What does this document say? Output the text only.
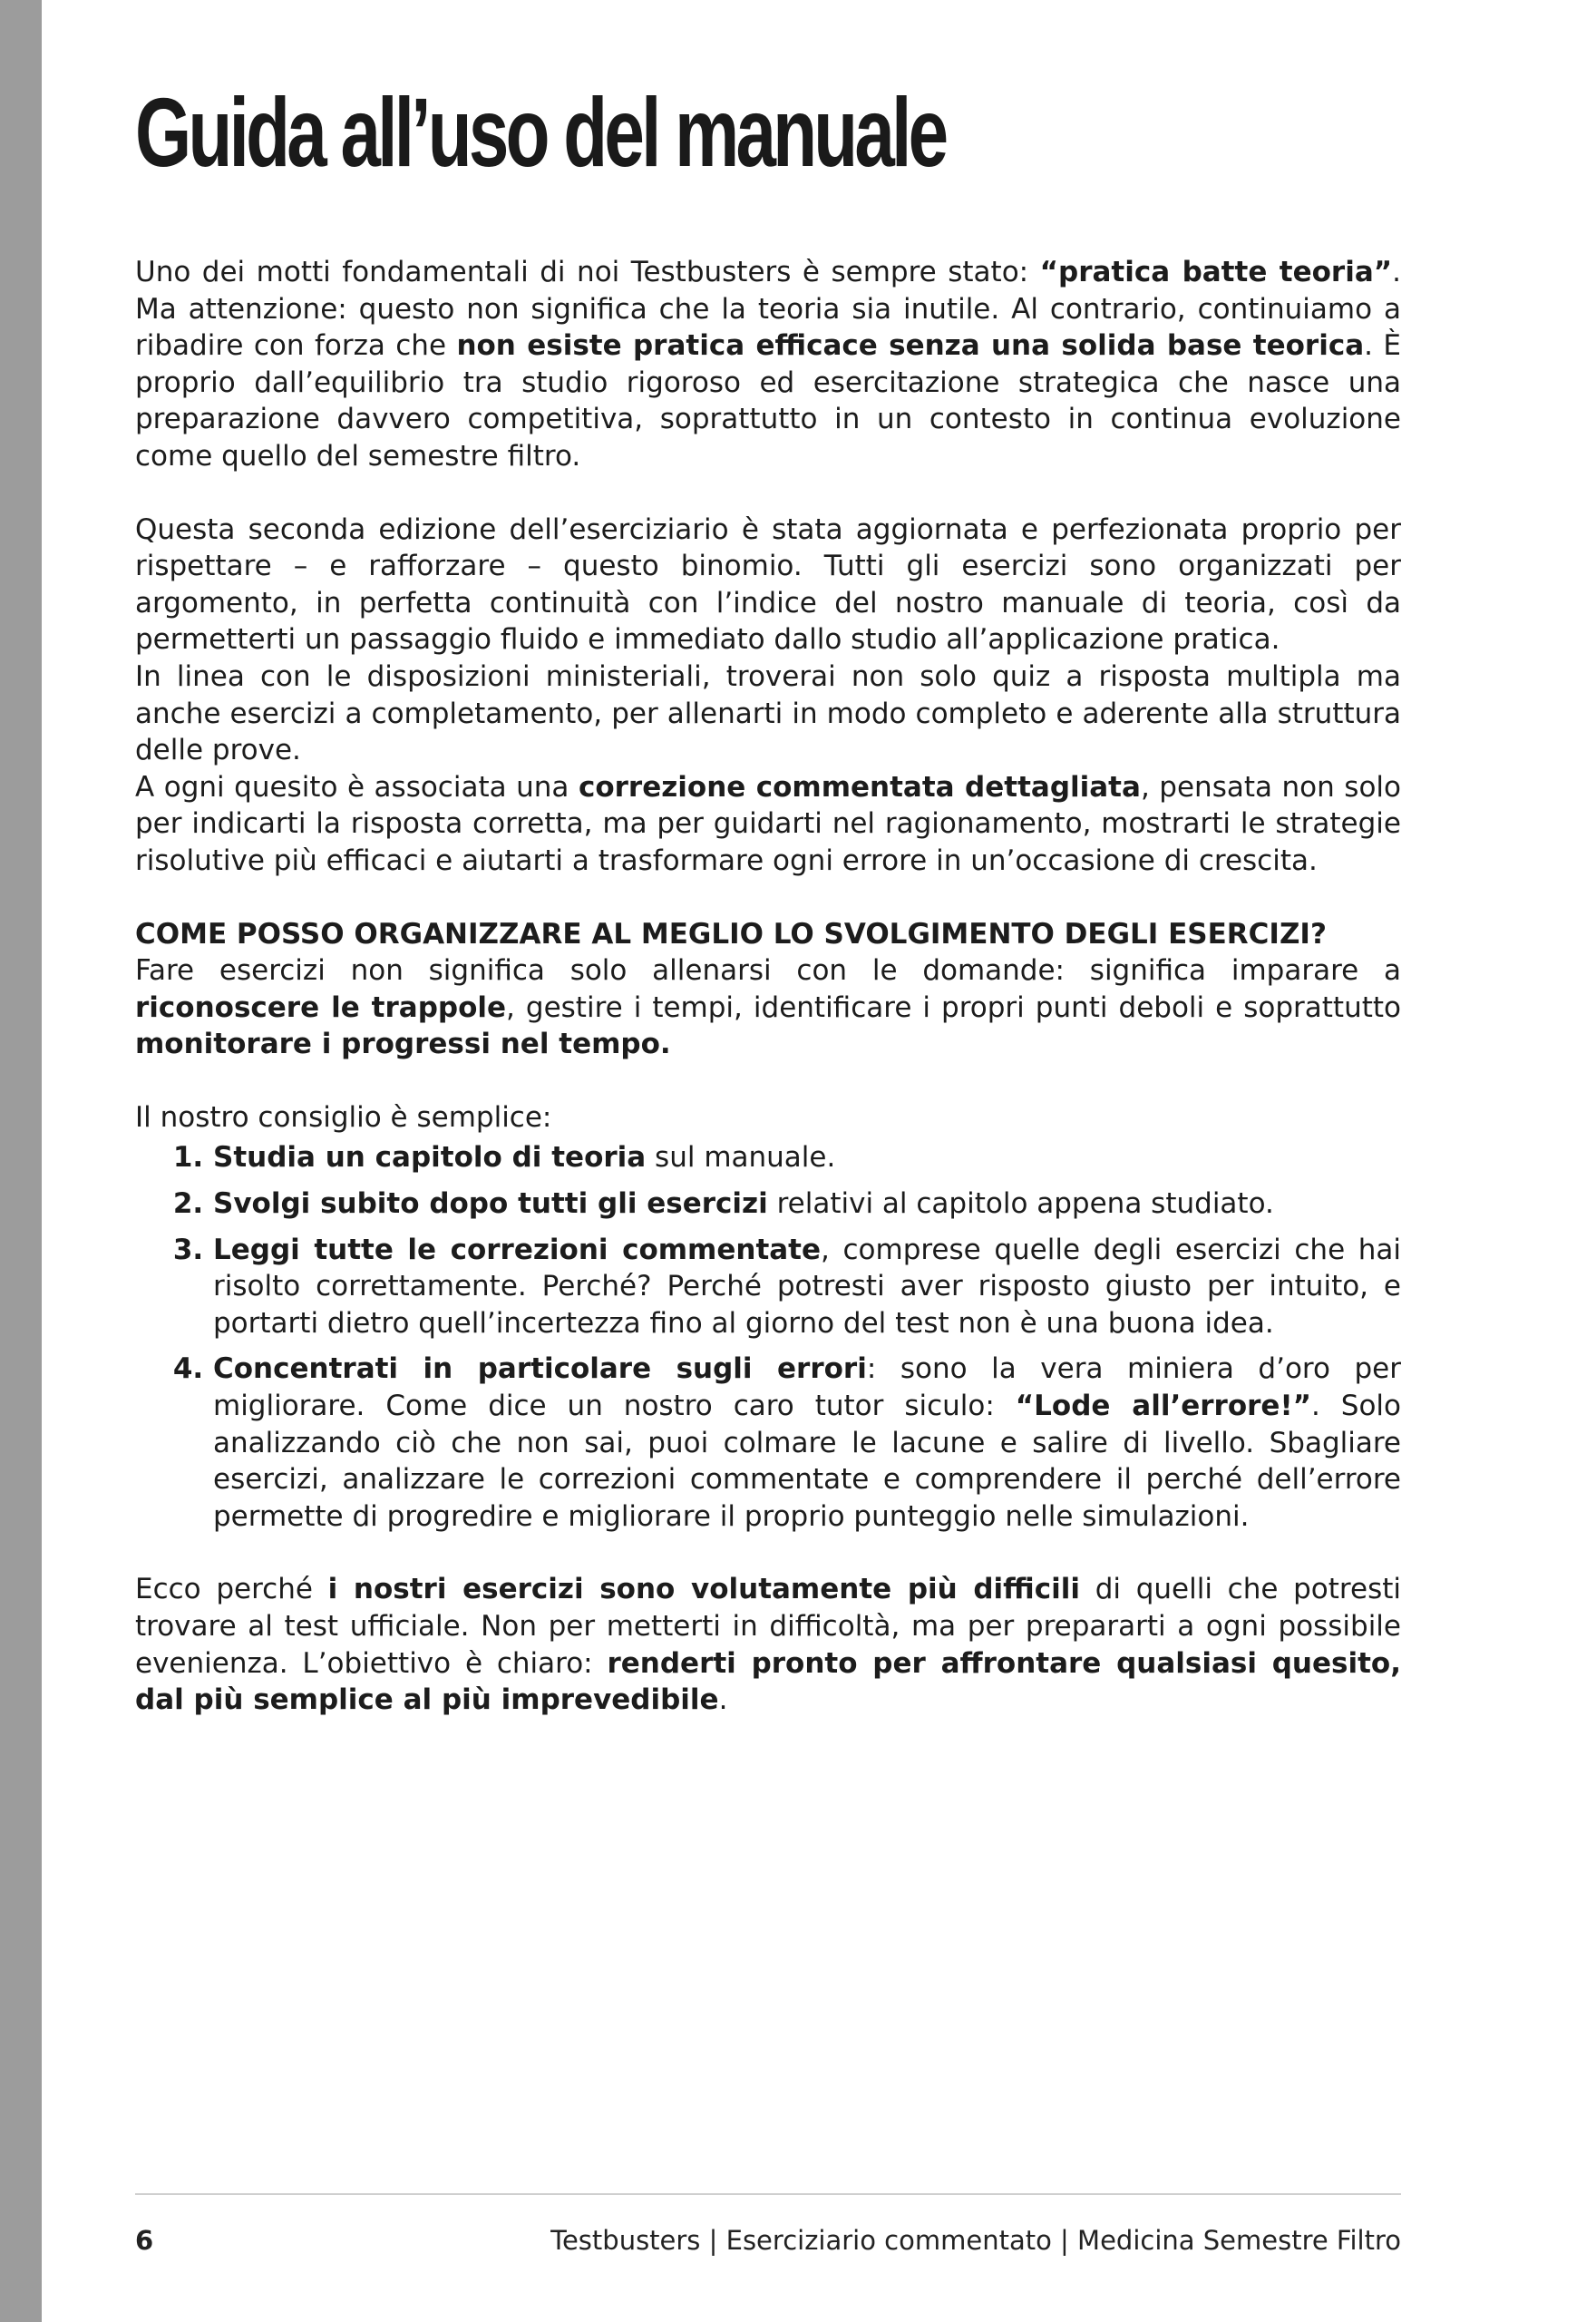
Guida all’uso del manuale

Uno dei motti fondamentali di noi Testbusters è sempre stato: “pratica batte teoria”. Ma attenzione: questo non significa che la teoria sia inutile. Al contrario, continuiamo a ribadire con forza che non esiste pratica efficace senza una solida base teorica. È proprio dall’equilibrio tra studio rigoroso ed esercitazione strategica che nasce una preparazione davvero competitiva, soprattutto in un contesto in continua evoluzione come quello del semestre filtro.

Questa seconda edizione dell’eserciziario è stata aggiornata e perfezionata proprio per rispettare – e rafforzare – questo binomio. Tutti gli esercizi sono organizzati per argomento, in perfetta continuità con l’indice del nostro manuale di teoria, così da permetterti un passaggio fluido e immediato dallo studio all’applicazione pratica.

In linea con le disposizioni ministeriali, troverai non solo quiz a risposta multipla ma anche esercizi a completamento, per allenarti in modo completo e aderente alla struttura delle prove.

A ogni quesito è associata una correzione commentata dettagliata, pensata non solo per indicarti la risposta corretta, ma per guidarti nel ragionamento, mostrarti le strategie risolutive più efficaci e aiutarti a trasformare ogni errore in un’occasione di crescita.

COME POSSO ORGANIZZARE AL MEGLIO LO SVOLGIMENTO DEGLI ESERCIZI?

Fare esercizi non significa solo allenarsi con le domande: significa imparare a riconoscere le trappole, gestire i tempi, identificare i propri punti deboli e soprattutto monitorare i progressi nel tempo.

Il nostro consiglio è semplice:

1. Studia un capitolo di teoria sul manuale.
2. Svolgi subito dopo tutti gli esercizi relativi al capitolo appena studiato.
3. Leggi tutte le correzioni commentate, comprese quelle degli esercizi che hai risolto correttamente. Perché? Perché potresti aver risposto giusto per intuito, e portarti dietro quell’incertezza fino al giorno del test non è una buona idea.
4. Concentrati in particolare sugli errori: sono la vera miniera d’oro per migliorare. Come dice un nostro caro tutor siculo: “Lode all’errore!”. Solo analizzando ciò che non sai, puoi colmare le lacune e salire di livello. Sbagliare esercizi, analizzare le correzioni commentate e comprendere il perché dell’errore permette di progredire e migliorare il proprio punteggio nelle simulazioni.

Ecco perché i nostri esercizi sono volutamente più difficili di quelli che potresti trovare al test ufficiale. Non per metterti in difficoltà, ma per prepararti a ogni possibile evenienza. L’obiettivo è chiaro: renderti pronto per affrontare qualsiasi quesito, dal più semplice al più imprevedibile.

6	Testbusters | Eserciziario commentato | Medicina Semestre Filtro
